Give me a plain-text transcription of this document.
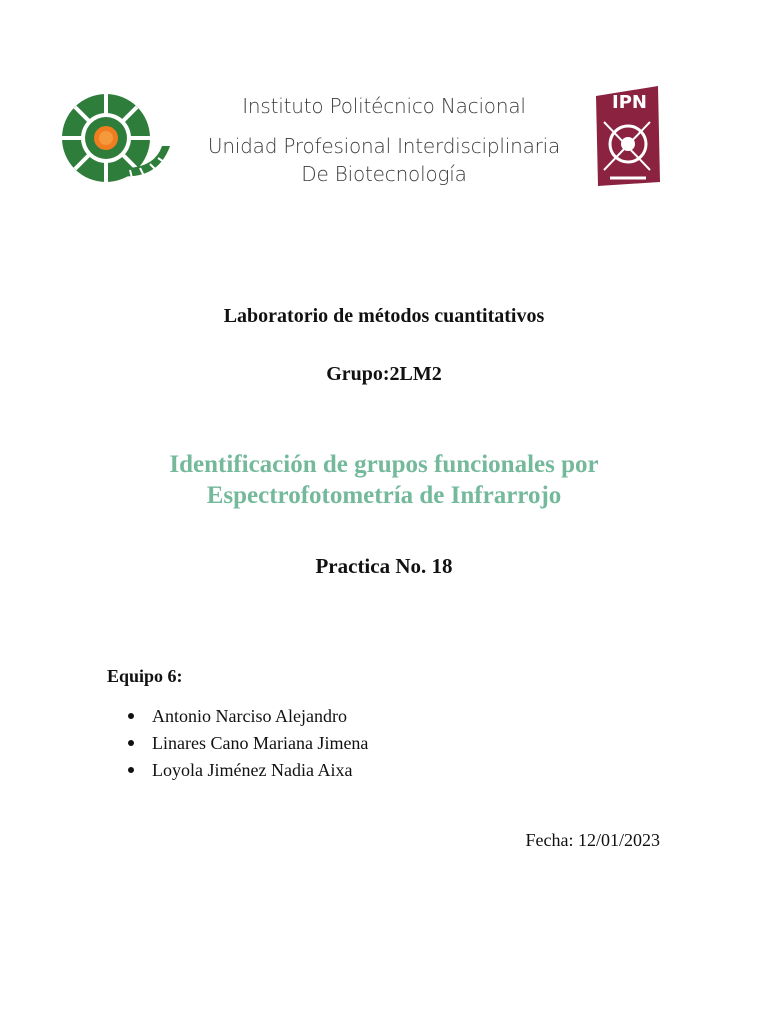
Instituto Politécnico Nacional
Unidad Profesional Interdisciplinaria
De Biotecnología
IPN
Laboratorio de métodos cuantitativos
Grupo:2LM2
Identificación de grupos funcionales por
Espectrofotometría de Infrarrojo
Practica No. 18
Equipo 6:
Antonio Narciso Alejandro
Linares Cano Mariana Jimena
Loyola Jiménez Nadia Aixa
Fecha: 12/01/2023
